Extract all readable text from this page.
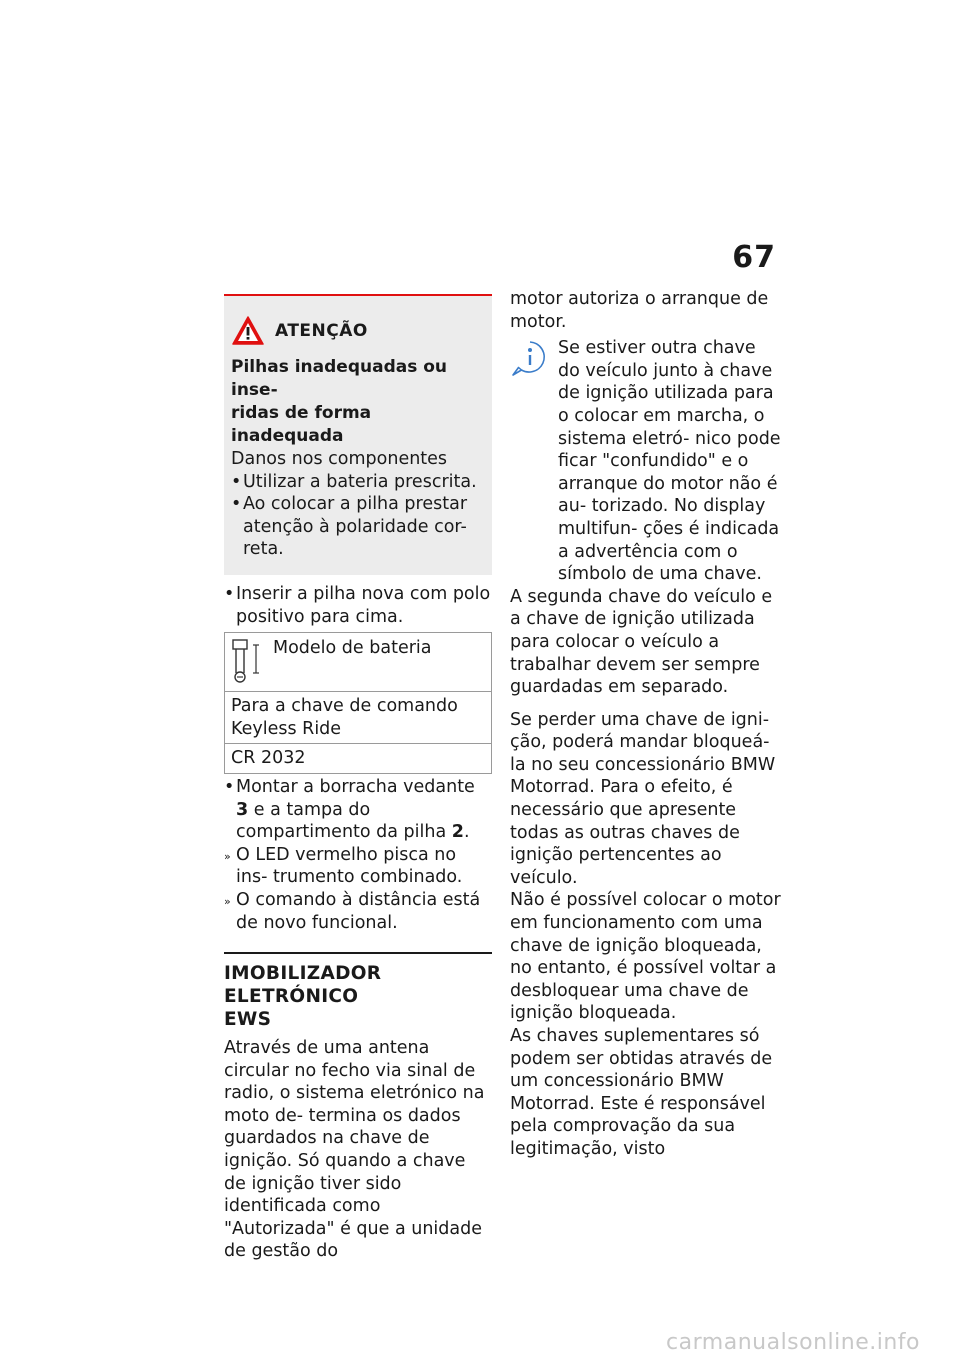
67
ATENÇÃO
Pilhas inadequadas ou inse-
ridas de forma inadequada
Danos nos componentes
• Utilizar a bateria prescrita.
• Ao colocar a pilha prestar atenção à polaridade cor- reta.
• Inserir a pilha nova com polo positivo para cima.
Modelo de bateria
Para a chave de comando Keyless Ride
CR 2032
• Montar a borracha vedante 3 e a tampa do compartimento da pilha 2.
» O LED vermelho pisca no ins- trumento combinado.
» O comando à distância está de novo funcional.
IMOBILIZADOR ELETRÓNICO
EWS
Através de uma antena circular no fecho via sinal de radio, o sistema eletrónico na moto de- termina os dados guardados na chave de ignição. Só quando a chave de ignição tiver sido identificada como "Autorizada" é que a unidade de gestão do
motor autoriza o arranque de motor.
Se estiver outra chave do veículo junto à chave de ignição utilizada para o colocar em marcha, o sistema eletró- nico pode ficar "confundido" e o arranque do motor não é au- torizado. No display multifun- ções é indicada a advertência com o símbolo de uma chave.
A segunda chave do veículo e a chave de ignição utilizada para colocar o veículo a trabalhar devem ser sempre guardadas em separado.
Se perder uma chave de igni- ção, poderá mandar bloqueá- la no seu concessionário BMW Motorrad. Para o efeito, é necessário que apresente todas as outras chaves de ignição pertencentes ao veículo.
Não é possível colocar o motor em funcionamento com uma chave de ignição bloqueada, no entanto, é possível voltar a desbloquear uma chave de ignição bloqueada.
As chaves suplementares só podem ser obtidas através de um concessionário BMW Motorrad. Este é responsável pela comprovação da sua legitimação, visto
carmanualsonline.info
